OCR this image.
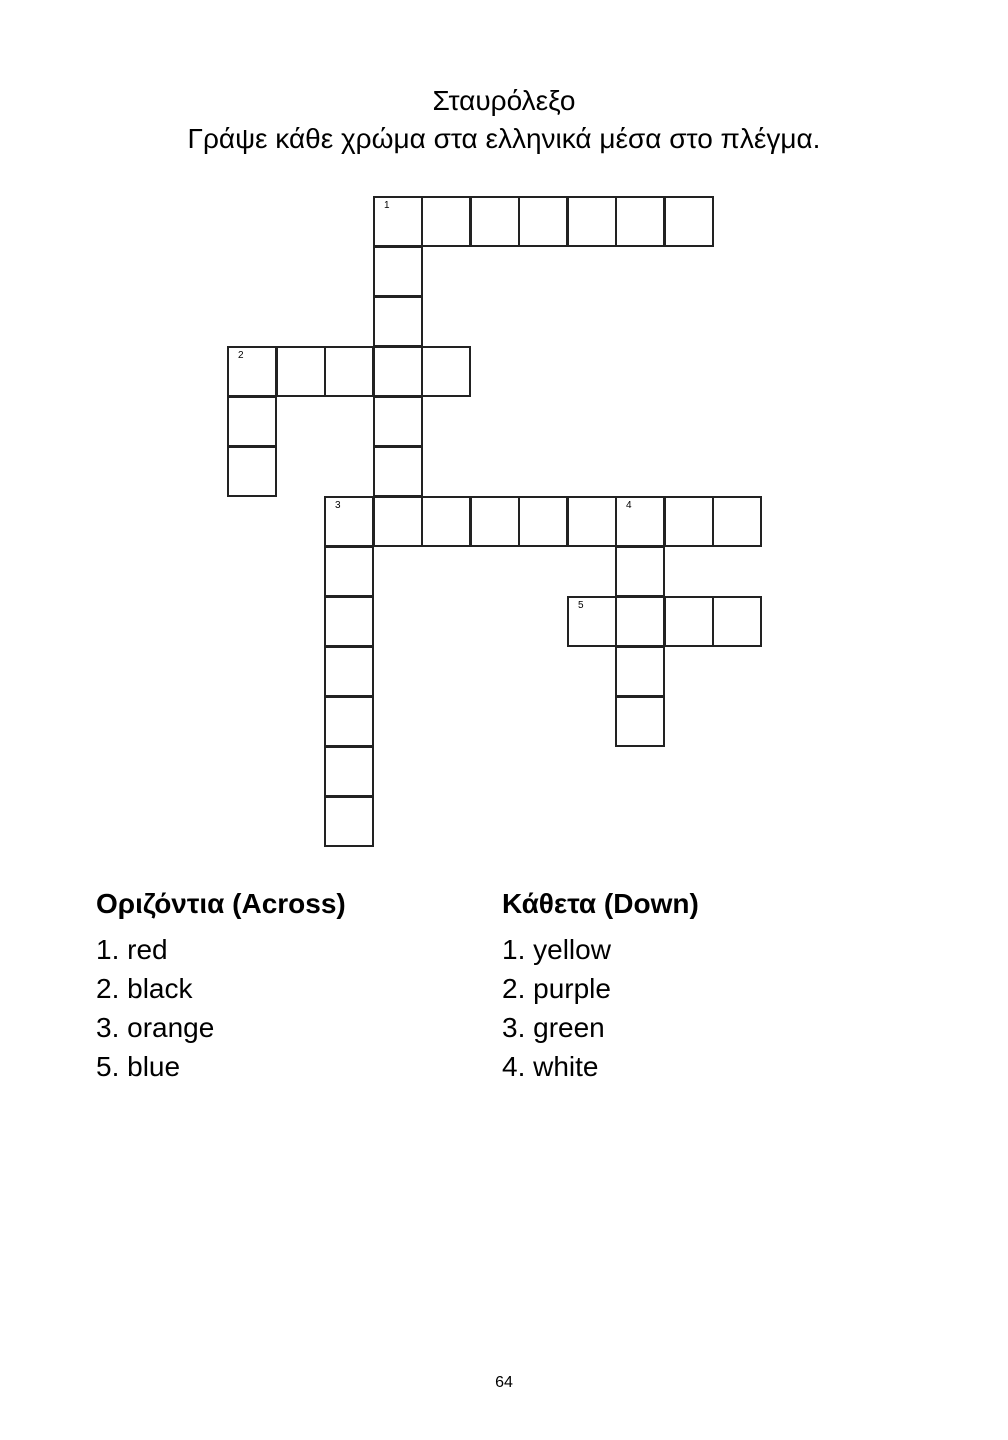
Σταυρόλεξο
Γράψε κάθε χρώμα στα ελληνικά μέσα στο πλέγμα.
1
2
3	4
5
Οριζόντια (Across)
1. red
2. black
3. orange
5. blue
Κάθετα (Down)
1. yellow
2. purple
3. green
4. white
64
